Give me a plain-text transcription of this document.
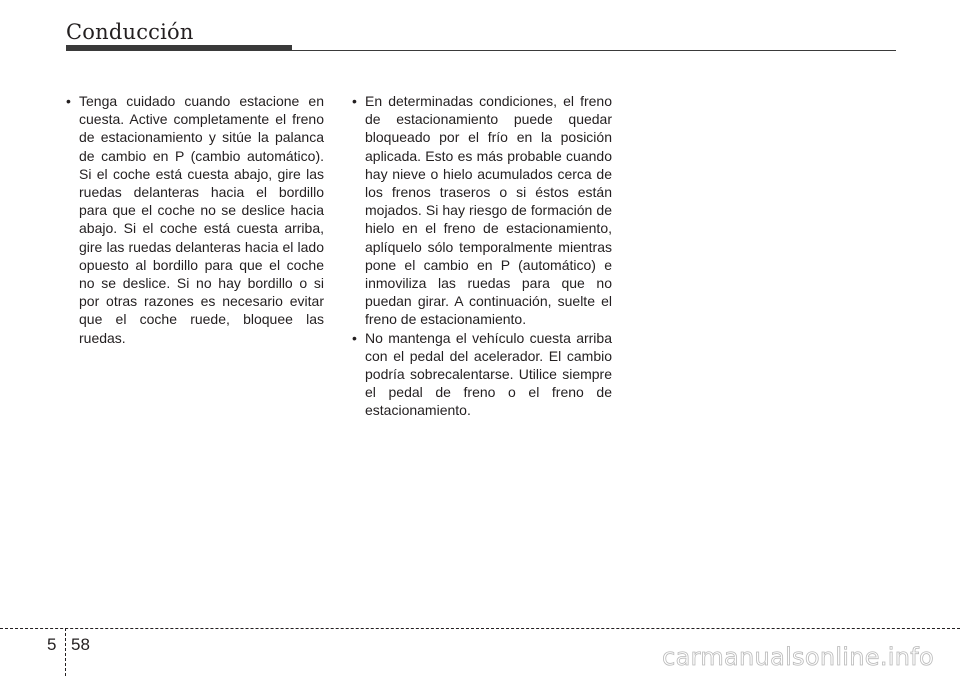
Conducción

• Tenga cuidado cuando estacione en cuesta. Active completamente el freno de estacionamiento y sitúe la palanca de cambio en P (cambio automático). Si el coche está cuesta abajo, gire las ruedas delanteras hacia el bordillo para que el coche no se deslice hacia abajo. Si el coche está cuesta arriba, gire las ruedas delanteras hacia el lado opuesto al bordillo para que el coche no se deslice. Si no hay bordillo o si por otras razones es necesario evitar que el coche ruede, bloquee las ruedas.

• En determinadas condiciones, el freno de estacionamiento puede quedar bloqueado por el frío en la posición aplicada. Esto es más probable cuando hay nieve o hielo acumulados cerca de los frenos traseros o si éstos están mojados. Si hay riesgo de formación de hielo en el freno de estacionamiento, aplíquelo sólo temporalmente mientras pone el cambio en P (automático) e inmoviliza las ruedas para que no puedan girar. A continuación, suelte el freno de estacionamiento.

• No mantenga el vehículo cuesta arriba con el pedal del acelerador. El cambio podría sobrecalentarse. Utilice siempre el pedal de freno o el freno de estacionamiento.

5 58	carmanualsonline.info
